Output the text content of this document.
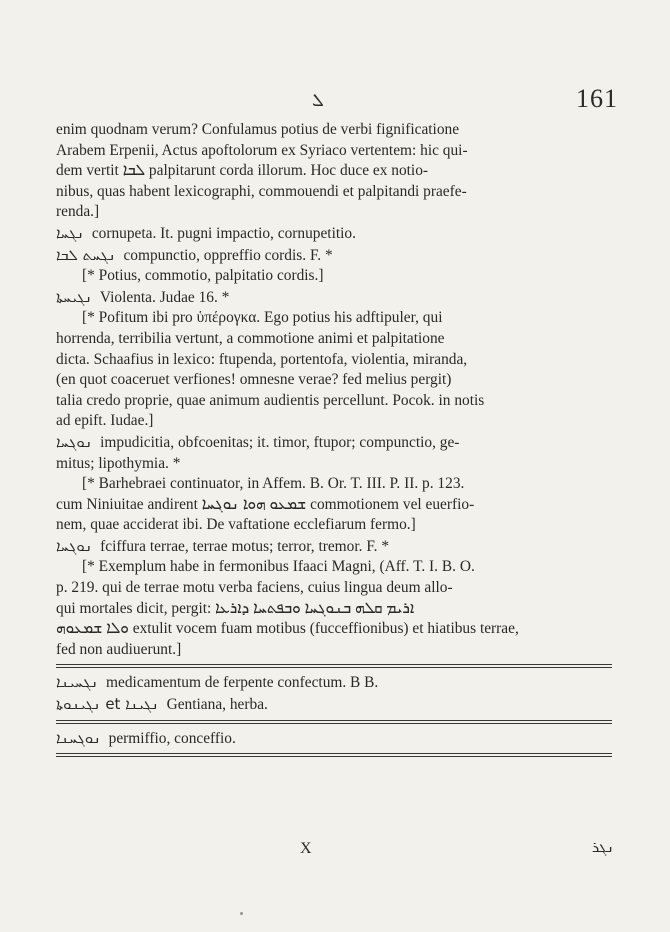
ܠ	161
enim quodnam verum? Confulamus potius de verbi fignificatione
Arabem Erpenii, Actus apoftolorum ex Syriaco vertentem: hic qui-
dem vertit ܠܒܐ palpitarunt corda illorum. Hoc duce ex notio-
nibus, quas habent lexicographi, commouendi et palpitandi praefe-
renda.]
ܢܓܚܐ cornupeta. It. pugni impactio, cornupetitio.
ܢܓܚܬ ܠܒܐ compunctio, oppreffio cordis. F. *
[* Potius, commotio, palpitatio cordis.]
ܢܓܝܚܬܐ Violenta. Judae 16. *
[* Pofitum ibi pro ὑπέρογκα. Ego potius his adftipuler, qui
horrenda, terribilia vertunt, a commotione animi et palpitatione
dicta. Schaafius in lexico: ftupenda, portentofa, violentia, miranda,
(en quot coaceruet verfiones! omnesne verae? fed melius pergit)
talia credo proprie, quae animum audientis percellunt. Pocok. in notis
ad epift. Iudae.]
ܢܘܓܚܐ impudicitia, obfcoenitas; it. timor, ftupor; compunctio, ge-
mitus; lipothymia. *
[* Barhebraei continuator, in Affem. B. Or. T. III. P. II. p. 123.
cum Niniuitae andirent ܫܡܥܘ ܗܘܐ ܢܘܓܚܐ commotionem vel euerfio-
nem, quae acciderat ibi. De vaftatione ecclefiarum fermo.]
ܢܘܓܚܐ fciffura terrae, terrae motus; terror, tremor. F. *
[* Exemplum habe in fermonibus Ifaaci Magni, (Aff. T. I. B. O.
p. 219. qui de terrae motu verba faciens, cuius lingua deum allo-
qui mortales dicit, pergit: ܐܪܝܡ ܩܠܗ ܒܢܘܓܚܐ ܘܒܦܬܚܐ ܕܐܪܥܐ
ܘܠܐ ܫܡܥܘܗ extulit vocem fuam motibus (fucceffionibus) et hiatibus terrae,
fed non audiuerunt.]
ܢܓܚܝܢܐ medicamentum de ferpente confectum. B B.
ܢܓܝܢܐ et ܢܓܝܢܘܬܐ Gentiana, herba.
ܢܘܓܚܢܐ permiffio, conceffio.
X	ܢܓܪ
